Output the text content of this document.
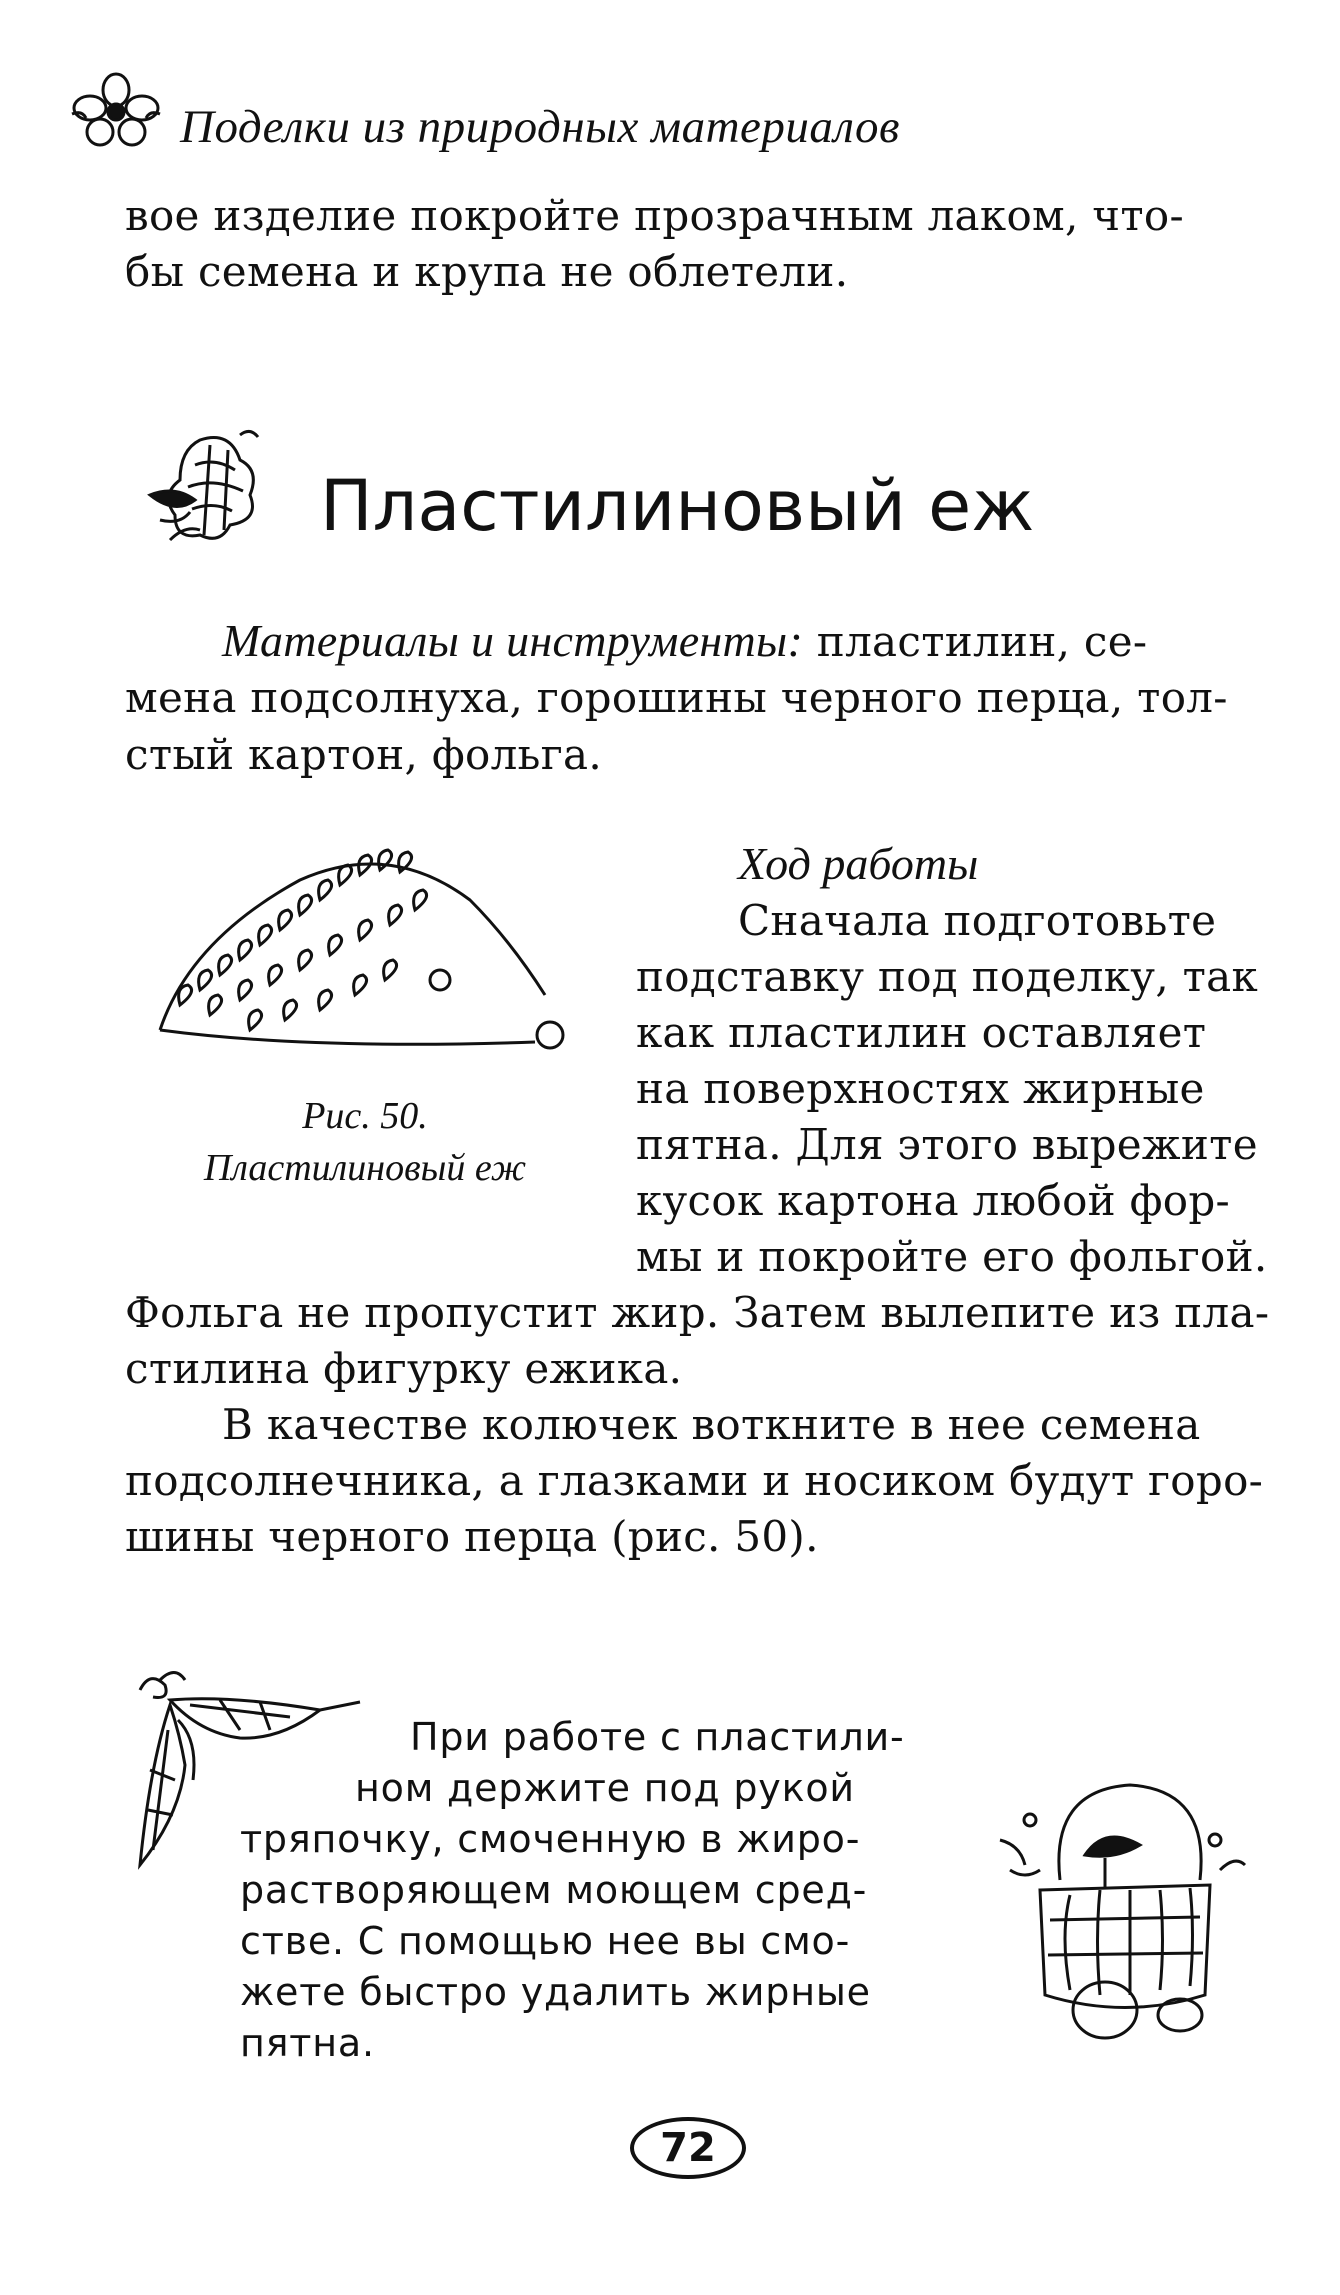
Поделки из природных материалов
вое изделие покройте прозрачным лаком, что-
бы семена и крупа не облетели.
Пластилиновый еж
Материалы и инструменты: пластилин, се-
мена подсолнуха, горошины черного перца, тол-
стый картон, фольга.
Рис. 50.
Пластилиновый еж
Ход работы
Сначала подготовьте
подставку под поделку, так
как пластилин оставляет
на поверхностях жирные
пятна. Для этого вырежите
кусок картона любой фор-
мы и покройте его фольгой.
Фольга не пропустит жир. Затем вылепите из пла-
стилина фигурку ежика.
В качестве колючек воткните в нее семена
подсолнечника, а глазками и носиком будут горо-
шины черного перца (рис. 50).
При работе с пластили-
ном держите под рукой
тряпочку, смоченную в жиро-
растворяющем моющем сред-
стве. С помощью нее вы смо-
жете быстро удалить жирные
пятна.
72
